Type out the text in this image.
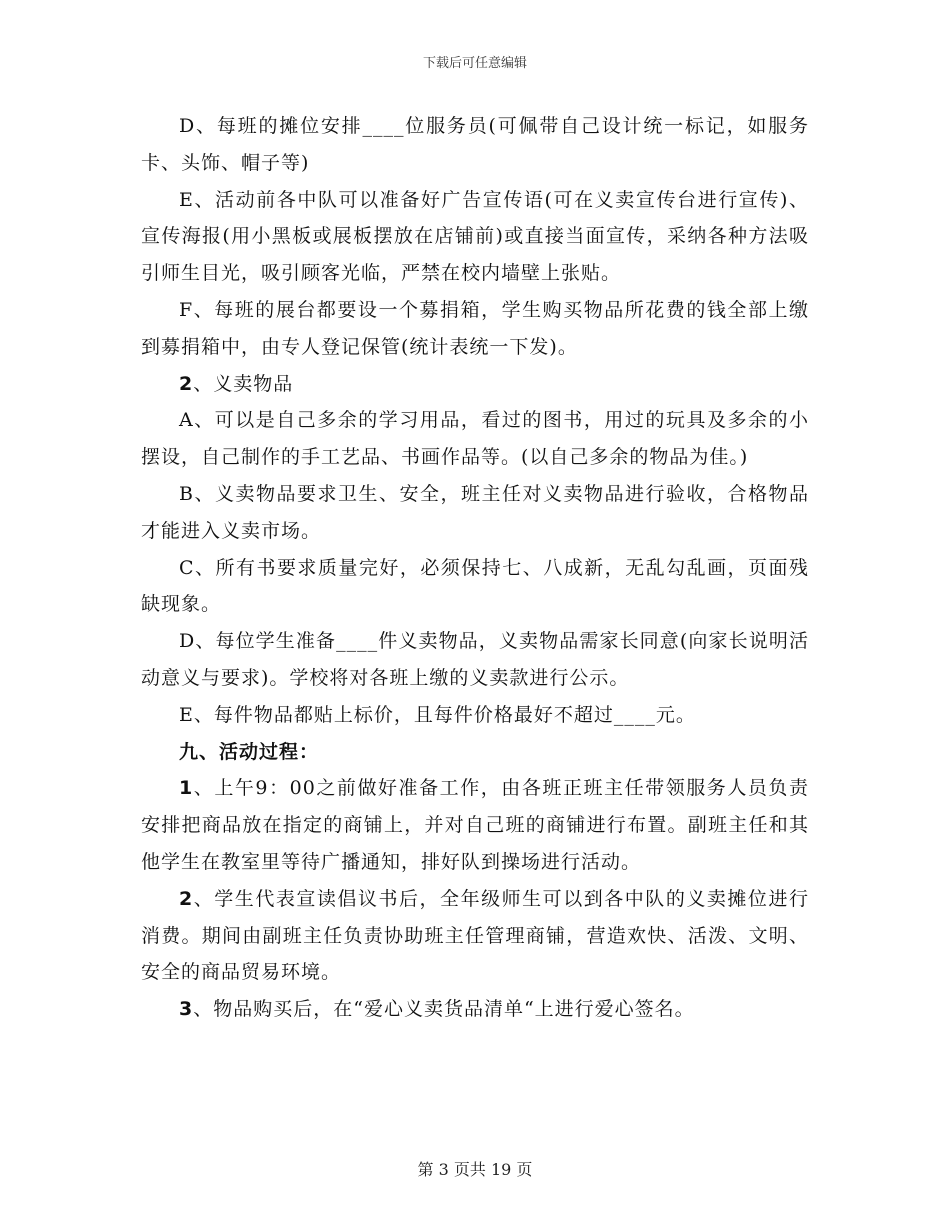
下载后可任意编辑

D、每班的摊位安排____位服务员(可佩带自己设计统一标记，如服务卡、头饰、帽子等)

E、活动前各中队可以准备好广告宣传语(可在义卖宣传台进行宣传)、宣传海报(用小黑板或展板摆放在店铺前)或直接当面宣传，采纳各种方法吸引师生目光，吸引顾客光临，严禁在校内墙壁上张贴。

F、每班的展台都要设一个募捐箱，学生购买物品所花费的钱全部上缴到募捐箱中，由专人登记保管(统计表统一下发)。

2、义卖物品

A、可以是自己多余的学习用品，看过的图书，用过的玩具及多余的小摆设，自己制作的手工艺品、书画作品等。(以自己多余的物品为佳。)

B、义卖物品要求卫生、安全，班主任对义卖物品进行验收，合格物品才能进入义卖市场。

C、所有书要求质量完好，必须保持七、八成新，无乱勾乱画，页面残缺现象。

D、每位学生准备____件义卖物品，义卖物品需家长同意(向家长说明活动意义与要求)。学校将对各班上缴的义卖款进行公示。

E、每件物品都贴上标价，且每件价格最好不超过____元。

九、活动过程：

1、上午9：00之前做好准备工作，由各班正班主任带领服务人员负责安排把商品放在指定的商铺上，并对自己班的商铺进行布置。副班主任和其他学生在教室里等待广播通知，排好队到操场进行活动。

2、学生代表宣读倡议书后，全年级师生可以到各中队的义卖摊位进行消费。期间由副班主任负责协助班主任管理商铺，营造欢快、活泼、文明、安全的商品贸易环境。

3、物品购买后，在“爱心义卖货品清单“上进行爱心签名。

第 3 页共 19 页
